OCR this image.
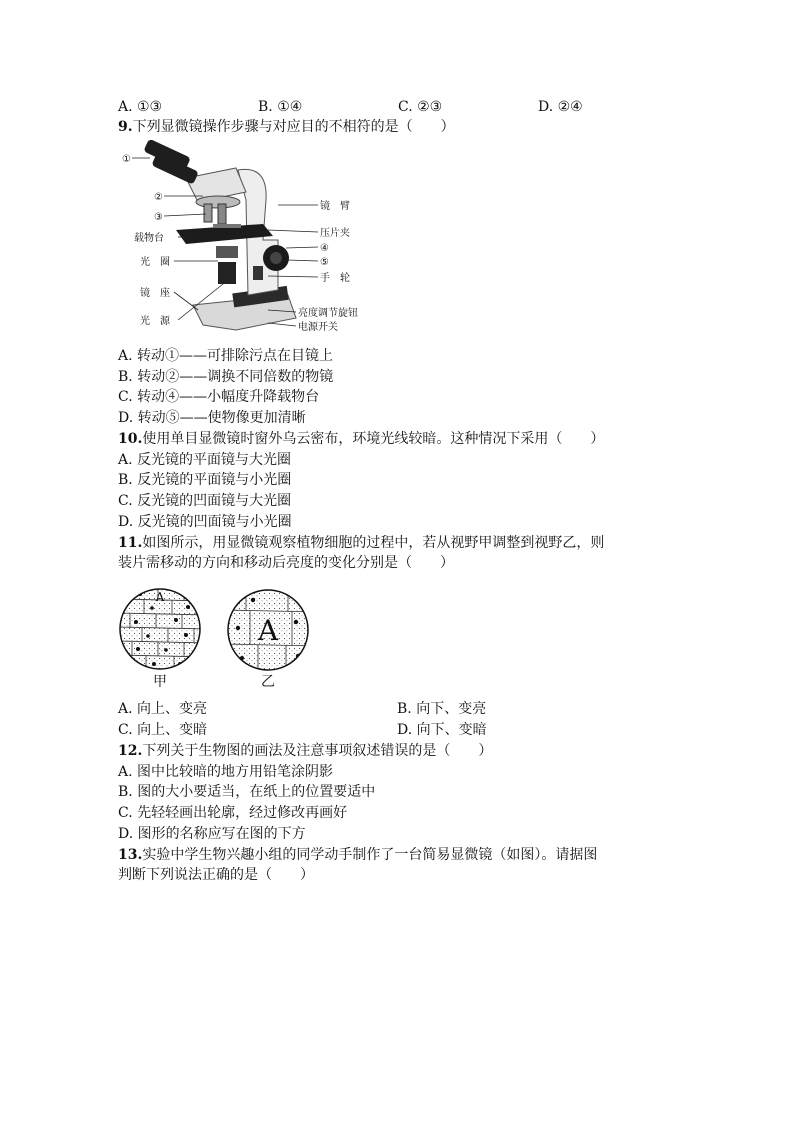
A. ①③	B. ①④	C. ②③	D. ②④
9.下列显微镜操作步骤与对应目的不相符的是（　　）
①
②
③
载物台
光　圈
镜　座
光　源
镜　臂
压片夹
④
⑤
手　轮
亮度调节旋钮
电源开关
A. 转动①——可排除污点在目镜上
B. 转动②——调换不同倍数的物镜
C. 转动④——小幅度升降载物台
D. 转动⑤——使物像更加清晰
10.使用单目显微镜时窗外乌云密布，环境光线较暗。这种情况下采用（　　）
A. 反光镜的平面镜与大光圈
B. 反光镜的平面镜与小光圈
C. 反光镜的凹面镜与大光圈
D. 反光镜的凹面镜与小光圈
11.如图所示，用显微镜观察植物细胞的过程中，若从视野甲调整到视野乙，则
装片需移动的方向和移动后亮度的变化分别是（　　）
A
甲
A
乙
A. 向上、变亮	B. 向下、变亮
C. 向上、变暗	D. 向下、变暗
12.下列关于生物图的画法及注意事项叙述错误的是（　　）
A. 图中比较暗的地方用铅笔涂阴影
B. 图的大小要适当，在纸上的位置要适中
C. 先轻轻画出轮廓，经过修改再画好
D. 图形的名称应写在图的下方
13.实验中学生物兴趣小组的同学动手制作了一台简易显微镜（如图）。请据图
判断下列说法正确的是（　　）
